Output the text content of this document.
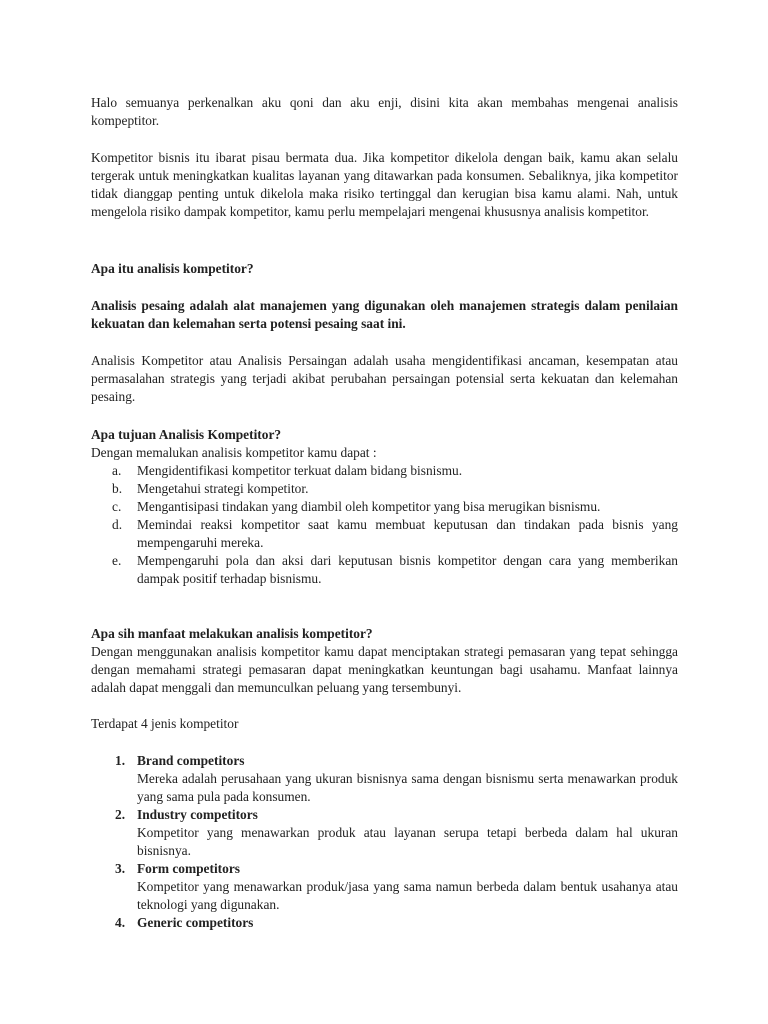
Halo semuanya perkenalkan aku qoni dan aku enji, disini kita akan membahas mengenai analisis kompeptitor.

Kompetitor bisnis itu ibarat pisau bermata dua. Jika kompetitor dikelola dengan baik, kamu akan selalu tergerak untuk meningkatkan kualitas layanan yang ditawarkan pada konsumen. Sebaliknya, jika kompetitor tidak dianggap penting untuk dikelola maka risiko tertinggal dan kerugian bisa kamu alami. Nah, untuk mengelola risiko dampak kompetitor, kamu perlu mempelajari mengenai khususnya analisis kompetitor.

Apa itu analisis kompetitor?

Analisis pesaing adalah alat manajemen yang digunakan oleh manajemen strategis dalam penilaian kekuatan dan kelemahan serta potensi pesaing saat ini.

Analisis Kompetitor atau Analisis Persaingan adalah usaha mengidentifikasi ancaman, kesempatan atau permasalahan strategis yang terjadi akibat perubahan persaingan potensial serta kekuatan dan kelemahan pesaing.

Apa tujuan Analisis Kompetitor?

Dengan memalukan analisis kompetitor kamu dapat :

a. Mengidentifikasi kompetitor terkuat dalam bidang bisnismu.
b. Mengetahui strategi kompetitor.
c. Mengantisipasi tindakan yang diambil oleh kompetitor yang bisa merugikan bisnismu.
d. Memindai reaksi kompetitor saat kamu membuat keputusan dan tindakan pada bisnis yang mempengaruhi mereka.
e. Mempengaruhi pola dan aksi dari keputusan bisnis kompetitor dengan cara yang memberikan dampak positif terhadap bisnismu.

Apa sih manfaat melakukan analisis kompetitor?

Dengan menggunakan analisis kompetitor kamu dapat menciptakan strategi pemasaran yang tepat sehingga dengan memahami strategi pemasaran dapat meningkatkan keuntungan bagi usahamu. Manfaat lainnya adalah dapat menggali dan memunculkan peluang yang tersembunyi.

Terdapat 4 jenis kompetitor

1. Brand competitors
Mereka adalah perusahaan yang ukuran bisnisnya sama dengan bisnismu serta menawarkan produk yang sama pula pada konsumen.
2. Industry competitors
Kompetitor yang menawarkan produk atau layanan serupa tetapi berbeda dalam hal ukuran bisnisnya.
3. Form competitors
Kompetitor yang menawarkan produk/jasa yang sama namun berbeda dalam bentuk usahanya atau teknologi yang digunakan.
4. Generic competitors
